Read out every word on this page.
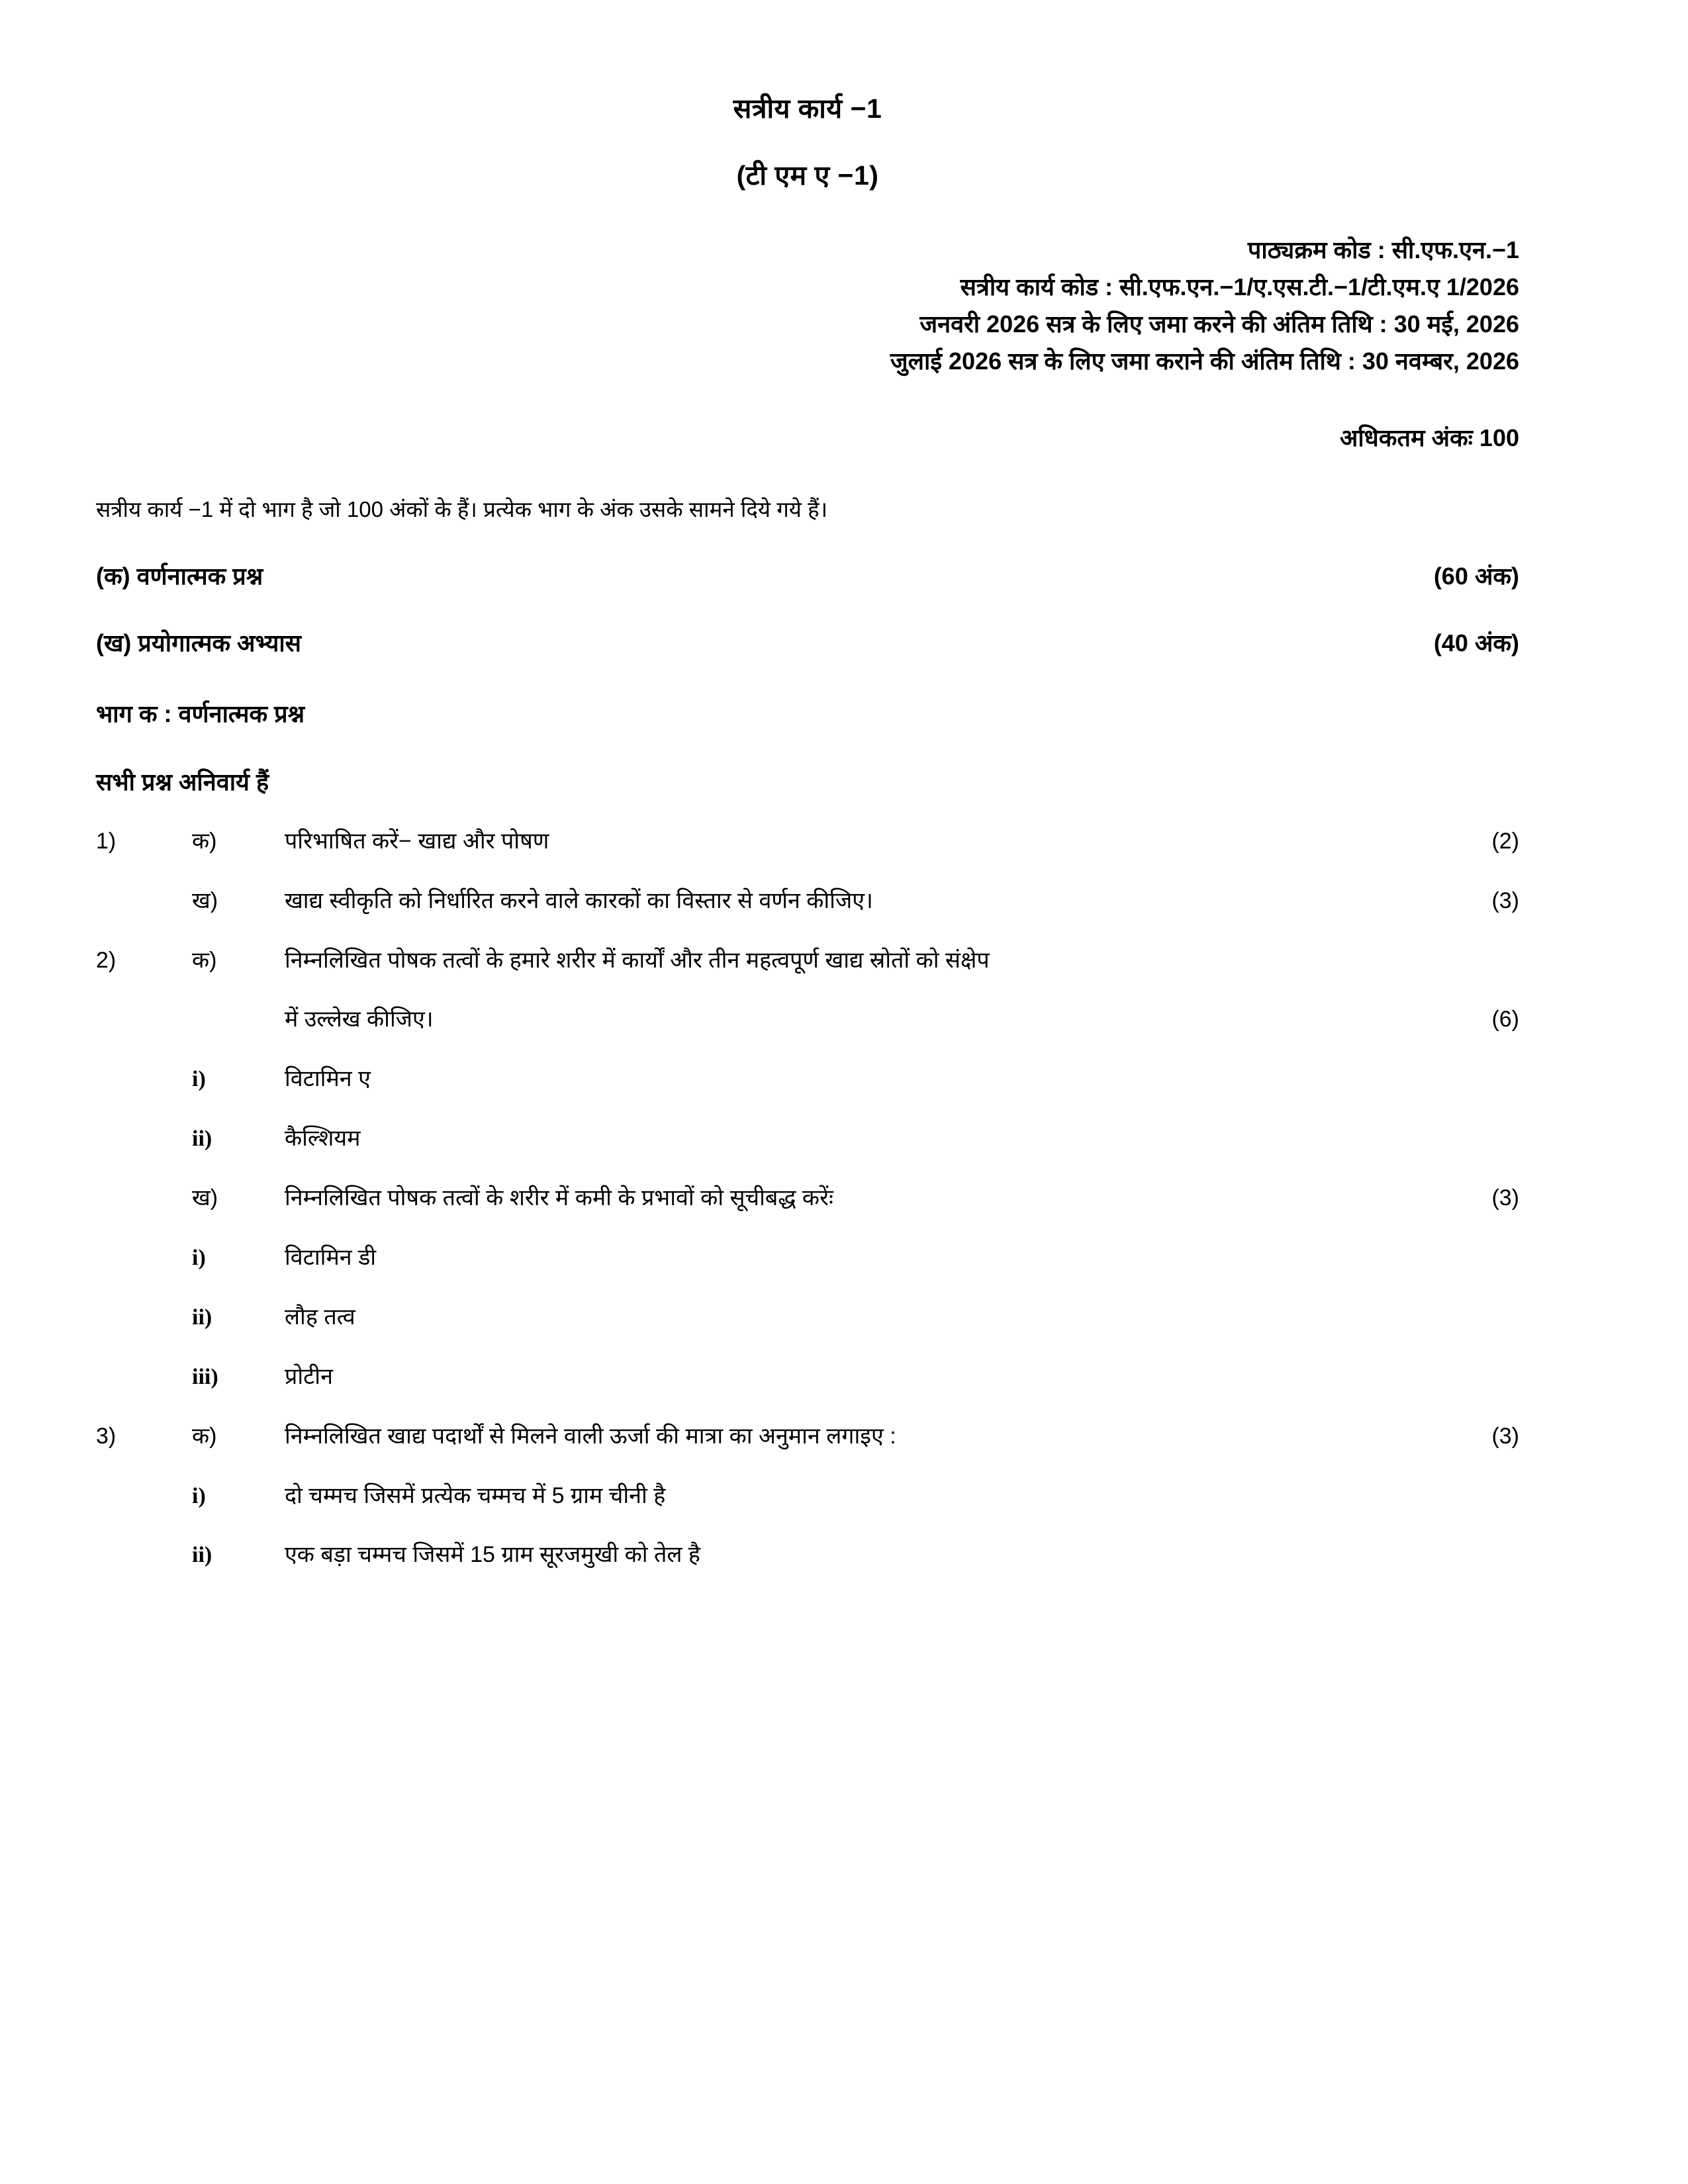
सत्रीय कार्य −1
(टी एम ए −1)
पाठ्यक्रम कोड : सी.एफ.एन.−1
सत्रीय कार्य कोड : सी.एफ.एन.−1/ए.एस.टी.−1/टी.एम.ए 1/2026
जनवरी 2026 सत्र के लिए जमा करने की अंतिम तिथि : 30 मई, 2026
जुलाई 2026 सत्र के लिए जमा कराने की अंतिम तिथि : 30 नवम्बर, 2026
अधिकतम अंकः 100
सत्रीय कार्य −1 में दो भाग है जो 100 अंकों के हैं। प्रत्येक भाग के अंक उसके सामने दिये गये हैं।
(क) वर्णनात्मक प्रश्न	(60 अंक)
(ख) प्रयोगात्मक अभ्यास	(40 अंक)
भाग क : वर्णनात्मक प्रश्न
सभी प्रश्न अनिवार्य हैं
1)	क)	परिभाषित करें− खाद्य और पोषण	(2)
ख)	खाद्य स्वीकृति को निर्धारित करने वाले कारकों का विस्तार से वर्णन कीजिए।	(3)
2)	क)	निम्नलिखित पोषक तत्वों के हमारे शरीर में कार्यों और तीन महत्वपूर्ण खाद्य स्रोतों को संक्षेप
में उल्लेख कीजिए।	(6)
i)	विटामिन ए
ii)	कैल्शियम
ख)	निम्नलिखित पोषक तत्वों के शरीर में कमी के प्रभावों को सूचीबद्ध करेंः	(3)
i)	विटामिन डी
ii)	लौह तत्व
iii)	प्रोटीन
3)	क)	निम्नलिखित खाद्य पदार्थों से मिलने वाली ऊर्जा की मात्रा का अनुमान लगाइए :	(3)
i)	दो चम्मच जिसमें प्रत्येक चम्मच में 5 ग्राम चीनी है
ii)	एक बड़ा चम्मच जिसमें 15 ग्राम सूरजमुखी को तेल है
